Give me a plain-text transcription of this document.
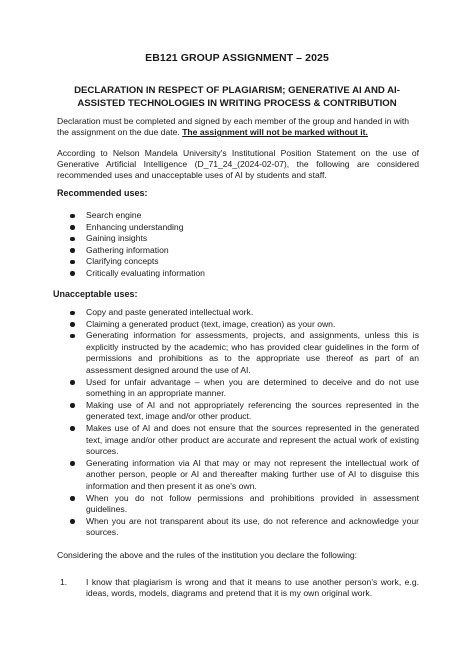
EB121 GROUP ASSIGNMENT – 2025
DECLARATION IN RESPECT OF PLAGIARISM; GENERATIVE AI AND AI-ASSISTED TECHNOLOGIES IN WRITING PROCESS & CONTRIBUTION
Declaration must be completed and signed by each member of the group and handed in with the assignment on the due date. The assignment will not be marked without it.
According to Nelson Mandela University's Institutional Position Statement on the use of Generative Artificial Intelligence (D_71_24_(2024-02-07), the following are considered recommended uses and unacceptable uses of AI by students and staff.
Recommended uses:
Search engine
Enhancing understanding
Gaining insights
Gathering information
Clarifying concepts
Critically evaluating information
Unacceptable uses:
Copy and paste generated intellectual work.
Claiming a generated product (text, image, creation) as your own.
Generating information for assessments, projects, and assignments, unless this is explicitly instructed by the academic; who has provided clear guidelines in the form of permissions and prohibitions as to the appropriate use thereof as part of an assessment designed around the use of AI.
Used for unfair advantage – when you are determined to deceive and do not use something in an appropriate manner.
Making use of AI and not appropriately referencing the sources represented in the generated text, image and/or other product.
Makes use of AI and does not ensure that the sources represented in the generated text, image and/or other product are accurate and represent the actual work of existing sources.
Generating information via AI that may or may not represent the intellectual work of another person, people or AI and thereafter making further use of AI to disguise this information and then present it as one's own.
When you do not follow permissions and prohibitions provided in assessment guidelines.
When you are not transparent about its use, do not reference and acknowledge your sources.
Considering the above and the rules of the institution you declare the following:
1. I know that plagiarism is wrong and that it means to use another person's work, e.g. ideas, words, models, diagrams and pretend that it is my own original work.
